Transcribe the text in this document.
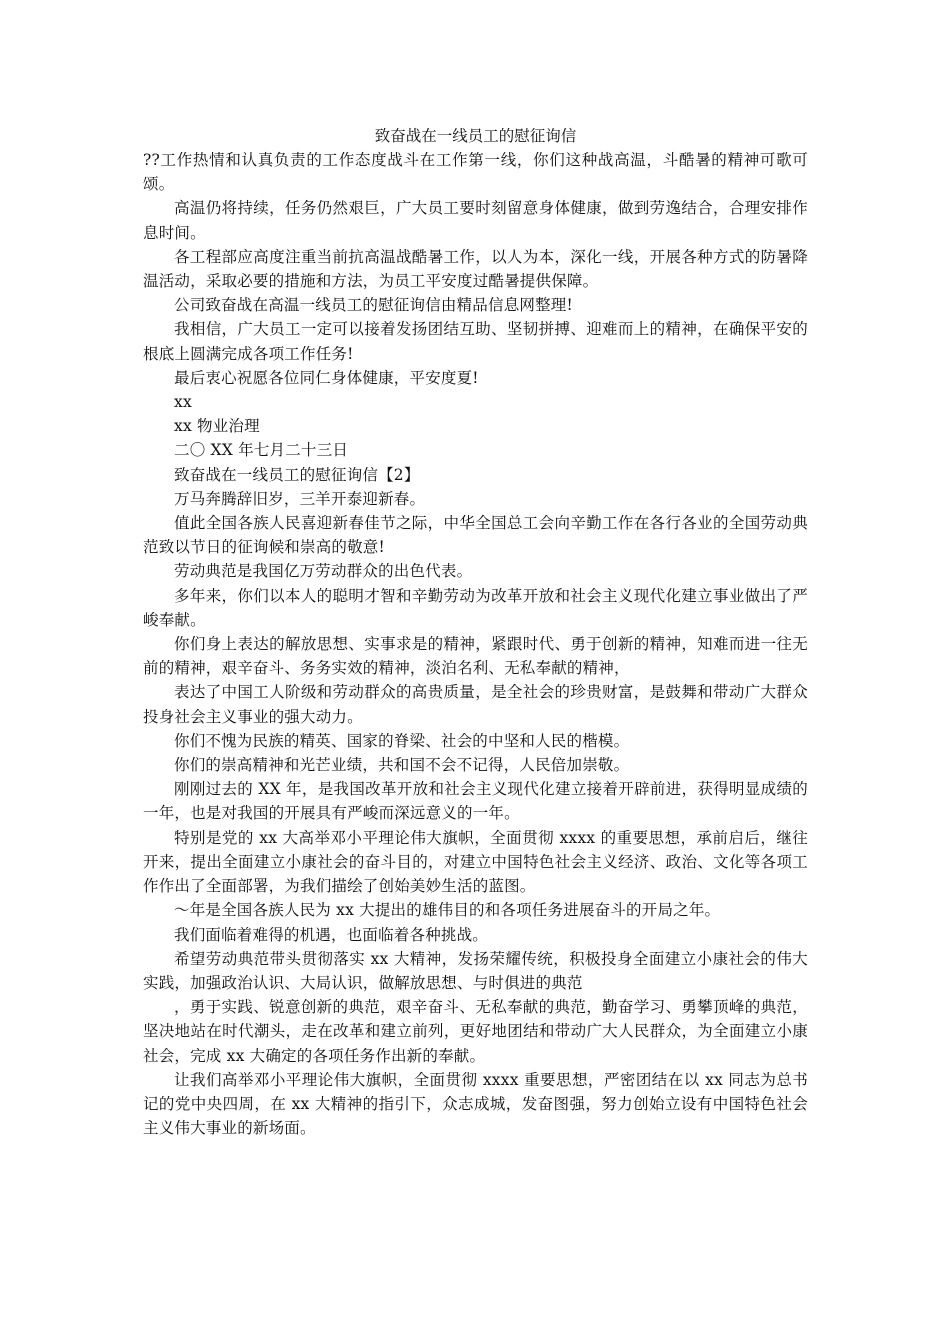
致奋战在一线员工的慰征询信

??工作热情和认真负责的工作态度战斗在工作第一线，你们这种战高温，斗酷暑的精神可歌可颂。

高温仍将持续，任务仍然艰巨，广大员工要时刻留意身体健康，做到劳逸结合，合理安排作息时间。

各工程部应高度注重当前抗高温战酷暑工作，以人为本，深化一线，开展各种方式的防暑降温活动，采取必要的措施和方法，为员工平安度过酷暑提供保障。

公司致奋战在高温一线员工的慰征询信由精品信息网整理!

我相信，广大员工一定可以接着发扬团结互助、坚韧拼搏、迎难而上的精神，在确保平安的根底上圆满完成各项工作任务!

最后衷心祝愿各位同仁身体健康，平安度夏!

xx

xx 物业治理

二〇 XX 年七月二十三日

致奋战在一线员工的慰征询信【2】

万马奔腾辞旧岁，三羊开泰迎新春。

值此全国各族人民喜迎新春佳节之际，中华全国总工会向辛勤工作在各行各业的全国劳动典范致以节日的征询候和崇高的敬意!

劳动典范是我国亿万劳动群众的出色代表。

多年来，你们以本人的聪明才智和辛勤劳动为改革开放和社会主义现代化建立事业做出了严峻奉献。

你们身上表达的解放思想、实事求是的精神，紧跟时代、勇于创新的精神，知难而进一往无前的精神，艰辛奋斗、务务实效的精神，淡泊名利、无私奉献的精神，

表达了中国工人阶级和劳动群众的高贵质量，是全社会的珍贵财富，是鼓舞和带动广大群众投身社会主义事业的强大动力。

你们不愧为民族的精英、国家的脊梁、社会的中坚和人民的楷模。

你们的崇高精神和光芒业绩，共和国不会不记得，人民倍加崇敬。

刚刚过去的 XX 年，是我国改革开放和社会主义现代化建立接着开辟前进，获得明显成绩的一年，也是对我国的开展具有严峻而深远意义的一年。

特别是党的 xx 大高举邓小平理论伟大旗帜，全面贯彻 xxxx 的重要思想，承前启后，继往开来，提出全面建立小康社会的奋斗目的，对建立中国特色社会主义经济、政治、文化等各项工作作出了全面部署，为我们描绘了创始美妙生活的蓝图。

～年是全国各族人民为 xx 大提出的雄伟目的和各项任务进展奋斗的开局之年。

我们面临着难得的机遇，也面临着各种挑战。

希望劳动典范带头贯彻落实 xx 大精神，发扬荣耀传统，积极投身全面建立小康社会的伟大实践，加强政治认识、大局认识，做解放思想、与时俱进的典范

，勇于实践、锐意创新的典范，艰辛奋斗、无私奉献的典范，勤奋学习、勇攀顶峰的典范，坚决地站在时代潮头，走在改革和建立前列，更好地团结和带动广大人民群众，为全面建立小康社会，完成 xx 大确定的各项任务作出新的奉献。

让我们高举邓小平理论伟大旗帜，全面贯彻 xxxx 重要思想，严密团结在以 xx 同志为总书记的党中央四周，在 xx 大精神的指引下，众志成城，发奋图强，努力创始立设有中国特色社会主义伟大事业的新场面。
